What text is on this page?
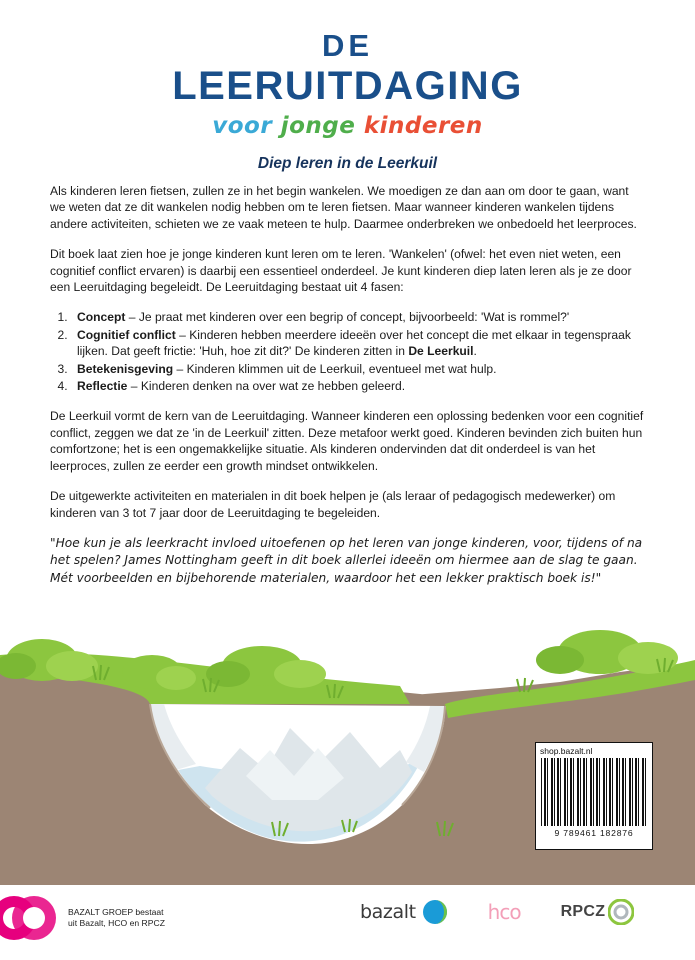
DE
LEERUITDAGING
voor jonge kinderen
Diep leren in de Leerkuil

Als kinderen leren fietsen, zullen ze in het begin wankelen. We moedigen ze dan aan om door te gaan, want we weten dat ze dit wankelen nodig hebben om te leren fietsen. Maar wanneer kinderen wankelen tijdens andere activiteiten, schieten we ze vaak meteen te hulp. Daarmee onderbreken we onbedoeld het leerproces.

Dit boek laat zien hoe je jonge kinderen kunt leren om te leren. 'Wankelen' (ofwel: het even niet weten, een cognitief conflict ervaren) is daarbij een essentieel onderdeel. Je kunt kinderen diep laten leren als je ze door een Leeruitdaging begeleidt. De Leeruitdaging bestaat uit 4 fasen:

1. Concept – Je praat met kinderen over een begrip of concept, bijvoorbeeld: 'Wat is rommel?'
2. Cognitief conflict – Kinderen hebben meerdere ideeën over het concept die met elkaar in tegenspraak lijken. Dat geeft frictie: 'Huh, hoe zit dit?' De kinderen zitten in De Leerkuil.
3. Betekenisgeving – Kinderen klimmen uit de Leerkuil, eventueel met wat hulp.
4. Reflectie – Kinderen denken na over wat ze hebben geleerd.

De Leerkuil vormt de kern van de Leeruitdaging. Wanneer kinderen een oplossing bedenken voor een cognitief conflict, zeggen we dat ze 'in de Leerkuil' zitten. Deze metafoor werkt goed. Kinderen bevinden zich buiten hun comfortzone; het is een ongemakkelijke situatie. Als kinderen ondervinden dat dit onderdeel is van het leerproces, zullen ze eerder een growth mindset ontwikkelen.

De uitgewerkte activiteiten en materialen in dit boek helpen je (als leraar of pedagogisch medewerker) om kinderen van 3 tot 7 jaar door de Leeruitdaging te begeleiden.

"Hoe kun je als leerkracht invloed uitoefenen op het leren van jonge kinderen, voor, tijdens of na het spelen? James Nottingham geeft in dit boek allerlei ideeën om hiermee aan de slag te gaan. Mét voorbeelden en bijbehorende materialen, waardoor het een lekker praktisch boek is!"

shop.bazalt.nl
9 789461 182876
BAZALT GROEP bestaat
uit Bazalt, HCO en RPCZ	bazalt	hco	RPCZ
